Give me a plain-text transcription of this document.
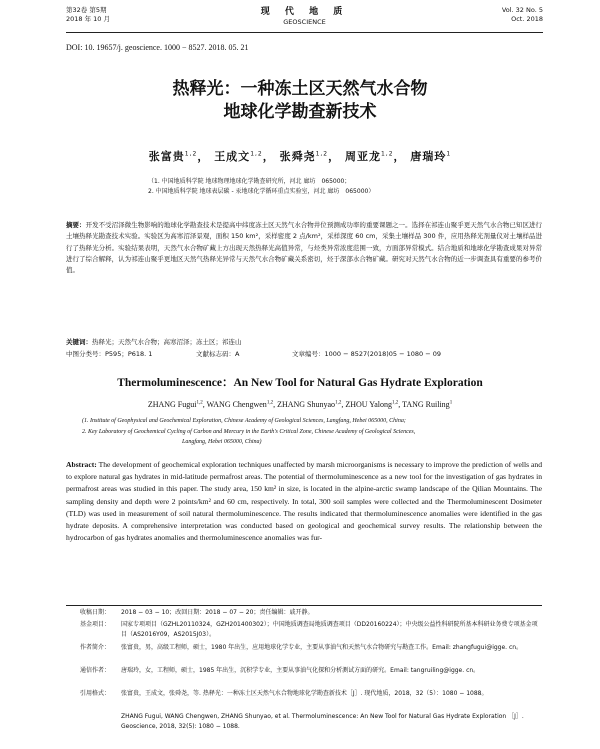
第32卷 第5期
2018 年 10 月
现 代 地 质
GEOSCIENCE
Vol. 32 No. 5
Oct. 2018
DOI: 10. 19657/j. geoscience. 1000 − 8527. 2018. 05. 21
热释光：一种冻土区天然气水合物
地球化学勘查新技术
张富贵$^{1,2}$， 王成文$^{1,2}$， 张舜尧$^{1,2}$， 周亚龙$^{1,2}$， 唐瑞玲$^1$
（1. 中国地质科学院 地球物理地球化学勘查研究所，河北 廊坊　065000；
2. 中国地质科学院 地球表层碳 - 汞地球化学循环重点实验室，河北 廊坊　065000）
摘要：开发不受沼泽微生物影响的地球化学勘查技术是提高中纬度冻土区天然气水合物井位预测成功率的重要课题之一。选择在祁连山聚乎更天然气水合物已知区进行土壤热释光勘查技术实验。实验区为高寒沼泽景观，面积 150 km²，采样密度 2 点/km²，采样深度 60 cm，采集土壤样品 300 件，应用热释光剂量仪对土壤样品进行了热释光分析。实验结果表明，天然气水合物矿藏上方出现天然热释光高值异常，与烃类异常浓度范围一致，方面部异常模式。结合地质和地球化学勘查成果对异常进行了综合解释，认为祁连山聚乎更地区天然气热释光异常与天然气水合物矿藏关系密切，烃于深部水合物矿藏。研究对天然气水合物的近一步调查具有重要的参考价值。
关键词：热释光；天然气水合物；高寒沼泽；冻土区；祁连山
中图分类号：P595；P618. 1	文献标志码：A	文章编号：1000 − 8527(2018)05 − 1080 − 09
Thermoluminescence：An New Tool for Natural Gas Hydrate Exploration
ZHANG Fugui$^{1,2}$, WANG Chengwen$^{1,2}$, ZHANG Shunyao$^{1,2}$, ZHOU Yalong$^{1,2}$, TANG Ruiling$^1$
(1. Institute of Geophysical and Geochemical Exploration, Chinese Academy of Geological Sciences, Langfang, Hebei 065000, China;
2. Key Laboratory of Geochemical Cycling of Carbon and Mercury in the Earth's Critical Zone, Chinese Academy of Geological Sciences,
Langfang, Hebei 065000, China)
Abstract: The development of geochemical exploration techniques unaffected by marsh microorganisms is necessary to improve the prediction of wells and to explore natural gas hydrates in mid-latitude permafrost areas. The potential of thermoluminescence as a new tool for the investigation of gas hydrates in permafrost areas was studied in this paper. The study area, 150 km² in size, is located in the alpine-arctic swamp landscape of the Qilian Mountains. The sampling density and depth were 2 points/km² and 60 cm, respectively. In total, 300 soil samples were collected and the Thermoluminescent Dosimeter (TLD) was used in measurement of soil natural thermoluminescence. The results indicated that thermoluminescence anomalies were identified in the gas hydrate deposits. A comprehensive interpretation was conducted based on geological and geochemical survey results. The relationship between the hydrocarbon of gas hydrates anomalies and thermoluminescence anomalies was fur-
收稿日期： 2018 − 03 − 10；改回日期：2018 − 07 − 20；责任编辑：戚开静。
基金项目： 国家专项项目（GZHL20110324，GZH201400302）；中国地质调查局地质调查项目（DD20160224）；中央级公益性科研院所基本科研业务费专项基金项目（AS2016Y09，AS2015J03）。
作者简介： 张富贵，男，高级工程师，硕士，1980 年出生，应用地球化学专业，主要从事油气和天然气水合物研究与勘查工作。Email: zhangfugui@igge. cn。
通信作者： 唐瑞玲，女，工程师，硕士，1985 年出生，沉积学专业，主要从事油气化探和分析测试方面的研究。Email: tangruiling@igge. cn。
引用格式： 张富贵，王成文，张舜尧，等. 热释光：一种冻土区天然气水合物地球化学勘查新技术［J］. 现代地质，2018，32（5）：1080 − 1088。
ZHANG Fugui, WANG Chengwen, ZHANG Shunyao, et al. Thermoluminescence: An New Tool for Natural Gas Hydrate Exploration ［J］. Geoscience, 2018, 32(5): 1080 − 1088.
